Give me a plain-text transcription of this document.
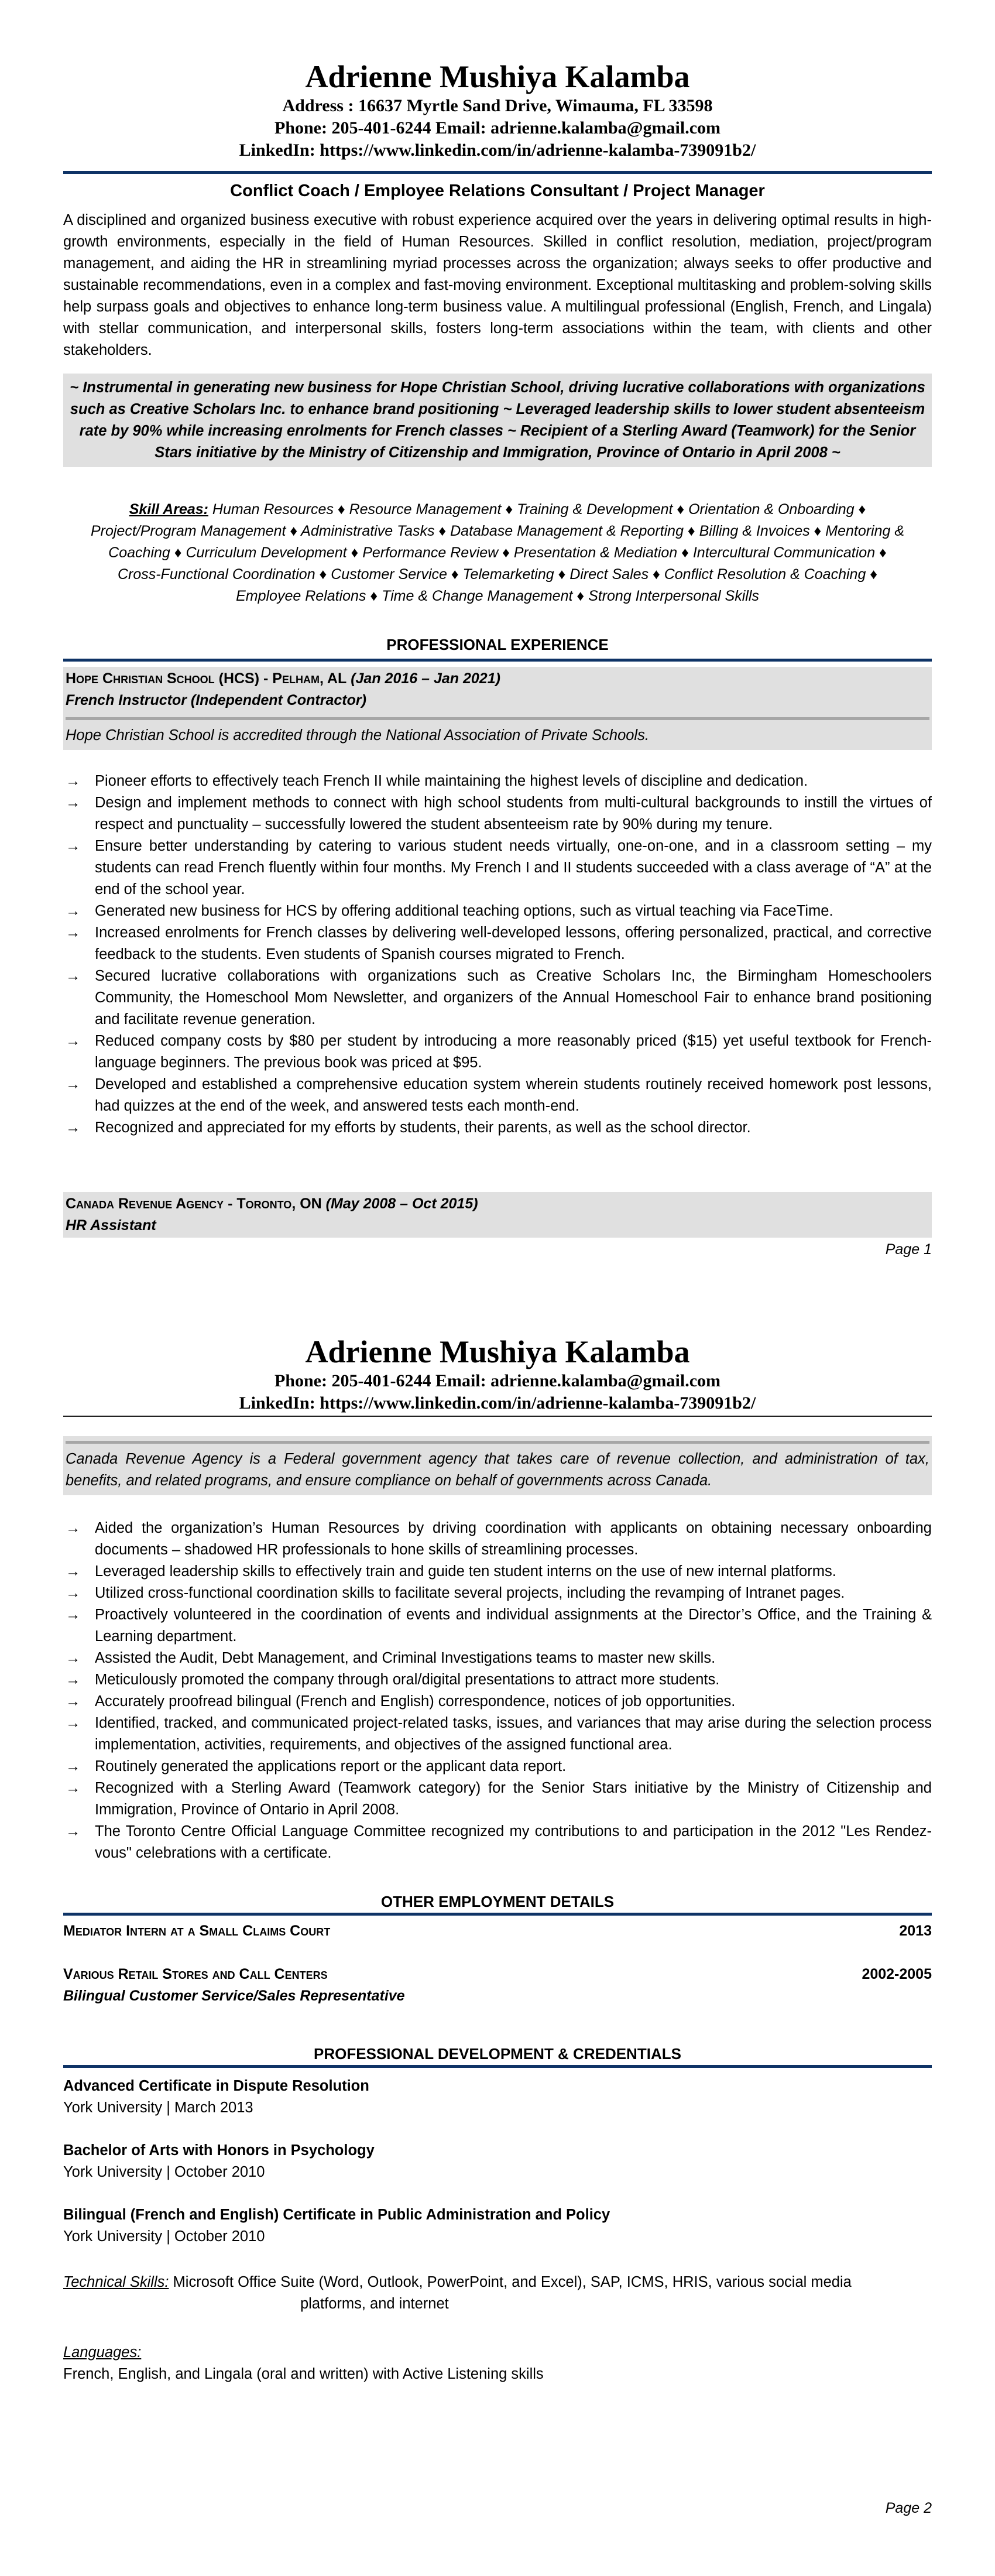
Adrienne Mushiya Kalamba
Address : 16637 Myrtle Sand Drive, Wimauma, FL 33598
Phone: 205-401-6244 Email: adrienne.kalamba@gmail.com
LinkedIn: https://www.linkedin.com/in/adrienne-kalamba-739091b2/
Conflict Coach / Employee Relations Consultant / Project Manager
A disciplined and organized business executive with robust experience acquired over the years in delivering optimal results in high-growth environments, especially in the field of Human Resources. Skilled in conflict resolution, mediation, project/program management, and aiding the HR in streamlining myriad processes across the organization; always seeks to offer productive and sustainable recommendations, even in a complex and fast-moving environment. Exceptional multitasking and problem-solving skills help surpass goals and objectives to enhance long-term business value. A multilingual professional (English, French, and Lingala) with stellar communication, and interpersonal skills, fosters long-term associations within the team, with clients and other stakeholders.
~ Instrumental in generating new business for Hope Christian School, driving lucrative collaborations with organizations such as Creative Scholars Inc. to enhance brand positioning ~ Leveraged leadership skills to lower student absenteeism rate by 90% while increasing enrolments for French classes ~ Recipient of a Sterling Award (Teamwork) for the Senior Stars initiative by the Ministry of Citizenship and Immigration, Province of Ontario in April 2008 ~
Skill Areas: Human Resources ♦ Resource Management ♦ Training & Development ♦ Orientation & Onboarding ♦ Project/Program Management ♦ Administrative Tasks ♦ Database Management & Reporting ♦ Billing & Invoices ♦ Mentoring & Coaching ♦ Curriculum Development ♦ Performance Review ♦ Presentation & Mediation ♦ Intercultural Communication ♦ Cross-Functional Coordination ♦ Customer Service ♦ Telemarketing ♦ Direct Sales ♦ Conflict Resolution & Coaching ♦ Employee Relations ♦ Time & Change Management ♦ Strong Interpersonal Skills
PROFESSIONAL EXPERIENCE
Hope Christian School (HCS) - Pelham, AL (Jan 2016 – Jan 2021)
French Instructor (Independent Contractor)
Hope Christian School is accredited through the National Association of Private Schools.
→ Pioneer efforts to effectively teach French II while maintaining the highest levels of discipline and dedication.
→ Design and implement methods to connect with high school students from multi-cultural backgrounds to instill the virtues of respect and punctuality – successfully lowered the student absenteeism rate by 90% during my tenure.
→ Ensure better understanding by catering to various student needs virtually, one-on-one, and in a classroom setting – my students can read French fluently within four months. My French I and II students succeeded with a class average of “A” at the end of the school year.
→ Generated new business for HCS by offering additional teaching options, such as virtual teaching via FaceTime.
→ Increased enrolments for French classes by delivering well-developed lessons, offering personalized, practical, and corrective feedback to the students. Even students of Spanish courses migrated to French.
→ Secured lucrative collaborations with organizations such as Creative Scholars Inc, the Birmingham Homeschoolers Community, the Homeschool Mom Newsletter, and organizers of the Annual Homeschool Fair to enhance brand positioning and facilitate revenue generation.
→ Reduced company costs by $80 per student by introducing a more reasonably priced ($15) yet useful textbook for French-language beginners. The previous book was priced at $95.
→ Developed and established a comprehensive education system wherein students routinely received homework post lessons, had quizzes at the end of the week, and answered tests each month-end.
→ Recognized and appreciated for my efforts by students, their parents, as well as the school director.
Canada Revenue Agency - Toronto, ON (May 2008 – Oct 2015)
HR Assistant
Page 1
Adrienne Mushiya Kalamba
Phone: 205-401-6244 Email: adrienne.kalamba@gmail.com
LinkedIn: https://www.linkedin.com/in/adrienne-kalamba-739091b2/
Canada Revenue Agency is a Federal government agency that takes care of revenue collection, and administration of tax, benefits, and related programs, and ensure compliance on behalf of governments across Canada.
→ Aided the organization’s Human Resources by driving coordination with applicants on obtaining necessary onboarding documents – shadowed HR professionals to hone skills of streamlining processes.
→ Leveraged leadership skills to effectively train and guide ten student interns on the use of new internal platforms.
→ Utilized cross-functional coordination skills to facilitate several projects, including the revamping of Intranet pages.
→ Proactively volunteered in the coordination of events and individual assignments at the Director’s Office, and the Training & Learning department.
→ Assisted the Audit, Debt Management, and Criminal Investigations teams to master new skills.
→ Meticulously promoted the company through oral/digital presentations to attract more students.
→ Accurately proofread bilingual (French and English) correspondence, notices of job opportunities.
→ Identified, tracked, and communicated project-related tasks, issues, and variances that may arise during the selection process implementation, activities, requirements, and objectives of the assigned functional area.
→ Routinely generated the applications report or the applicant data report.
→ Recognized with a Sterling Award (Teamwork category) for the Senior Stars initiative by the Ministry of Citizenship and Immigration, Province of Ontario in April 2008.
→ The Toronto Centre Official Language Committee recognized my contributions to and participation in the 2012 "Les Rendez-vous" celebrations with a certificate.
OTHER EMPLOYMENT DETAILS
Mediator Intern at a Small Claims Court	2013
Various Retail Stores and Call Centers	2002-2005
Bilingual Customer Service/Sales Representative
PROFESSIONAL DEVELOPMENT & CREDENTIALS
Advanced Certificate in Dispute Resolution
York University | March 2013
Bachelor of Arts with Honors in Psychology
York University | October 2010
Bilingual (French and English) Certificate in Public Administration and Policy
York University | October 2010
Technical Skills: Microsoft Office Suite (Word, Outlook, PowerPoint, and Excel), SAP, ICMS, HRIS, various social media
platforms, and internet
Languages:
French, English, and Lingala (oral and written) with Active Listening skills
Page 2
